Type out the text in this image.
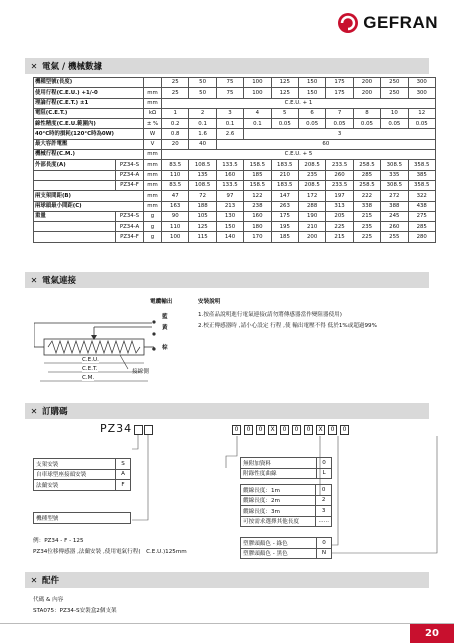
GEFRAN
✕ 電氣 / 機械數據
機種型號(長度)			25	50	75	100	125	150	175	200	250	300
使用行程(C.E.U.) +1/-0		mm	25	50	75	100	125	150	175	200	250	300
理論行程(C.E.T.) ±1		mm	C.E.U. + 1									
電阻(C.E.T.)		kΩ	1	2	3	4	5	6	7	8	10	12
線性精度(C.E.U.範圍內)		± %	0.2	0.1	0.1	0.1	0.05	0.05	0.05	0.05	0.05	0.05
40°C時的損耗(120°C時為0W)		W	0.8	1.6	2.6	3						
最大容許電壓		V	20	40	60							
機械行程(C.M.)		mm	C.E.U. + 5									
外部長度(A)	PZ34-S	mm	83.5	108.5	133.5	158.5	183.5	208.5	233.5	258.5	308.5	358.5
	PZ34-A	mm	110	135	160	185	210	235	260	285	335	385
	PZ34-F	mm	83.5	108.5	133.5	158.5	183.5	208.5	233.5	258.5	308.5	358.5
兩支架間距(B)		mm	47	72	97	122	147	172	197	222	272	322
兩球頭最小間距(C)		mm	163	188	213	238	263	288	313	338	388	438
重量	PZ34-S	g	90	105	130	160	175	190	205	215	245	275
	PZ34-A	g	110	125	150	180	195	210	225	235	260	285
	PZ34-F	g	100	115	140	170	185	200	215	225	255	280
✕ 電氣連接
電纜輸出	安裝說明
藍
黃
棕
1.按產品說明進行電氣連接(請勿將傳感器當作變阻器使用)
2.校正傳感器時 ,請小心設定 行程 ,使 輸出電壓不得 低於1%或超過99%
C.E.U.
C.E.T.
C.M.
接線側
✕ 訂購碼
PZ34	0	0	0	X	0	0	0	X	0	0
支架安裝	S
自車球型座接頭安裝	A
法蘭安裝	F
機種型號
無附加資料	0
附錄性度曲線	L
纜線長度：1m	0
纜線長度：2m	2
纜線長度：3m	3
可按需求選擇其他長度	......
塑膠頭顏色 - 綠色	0
塑膠頭顏色 - 黑色	N
例：PZ34 - F - 125
PZ34位移傳感器 ,法蘭安裝 ,使用電氣行程(　C.E.U.)125mm
✕ 配件
代碼 & 內容
STA075：PZ34-S安裝盒2個支架
20
